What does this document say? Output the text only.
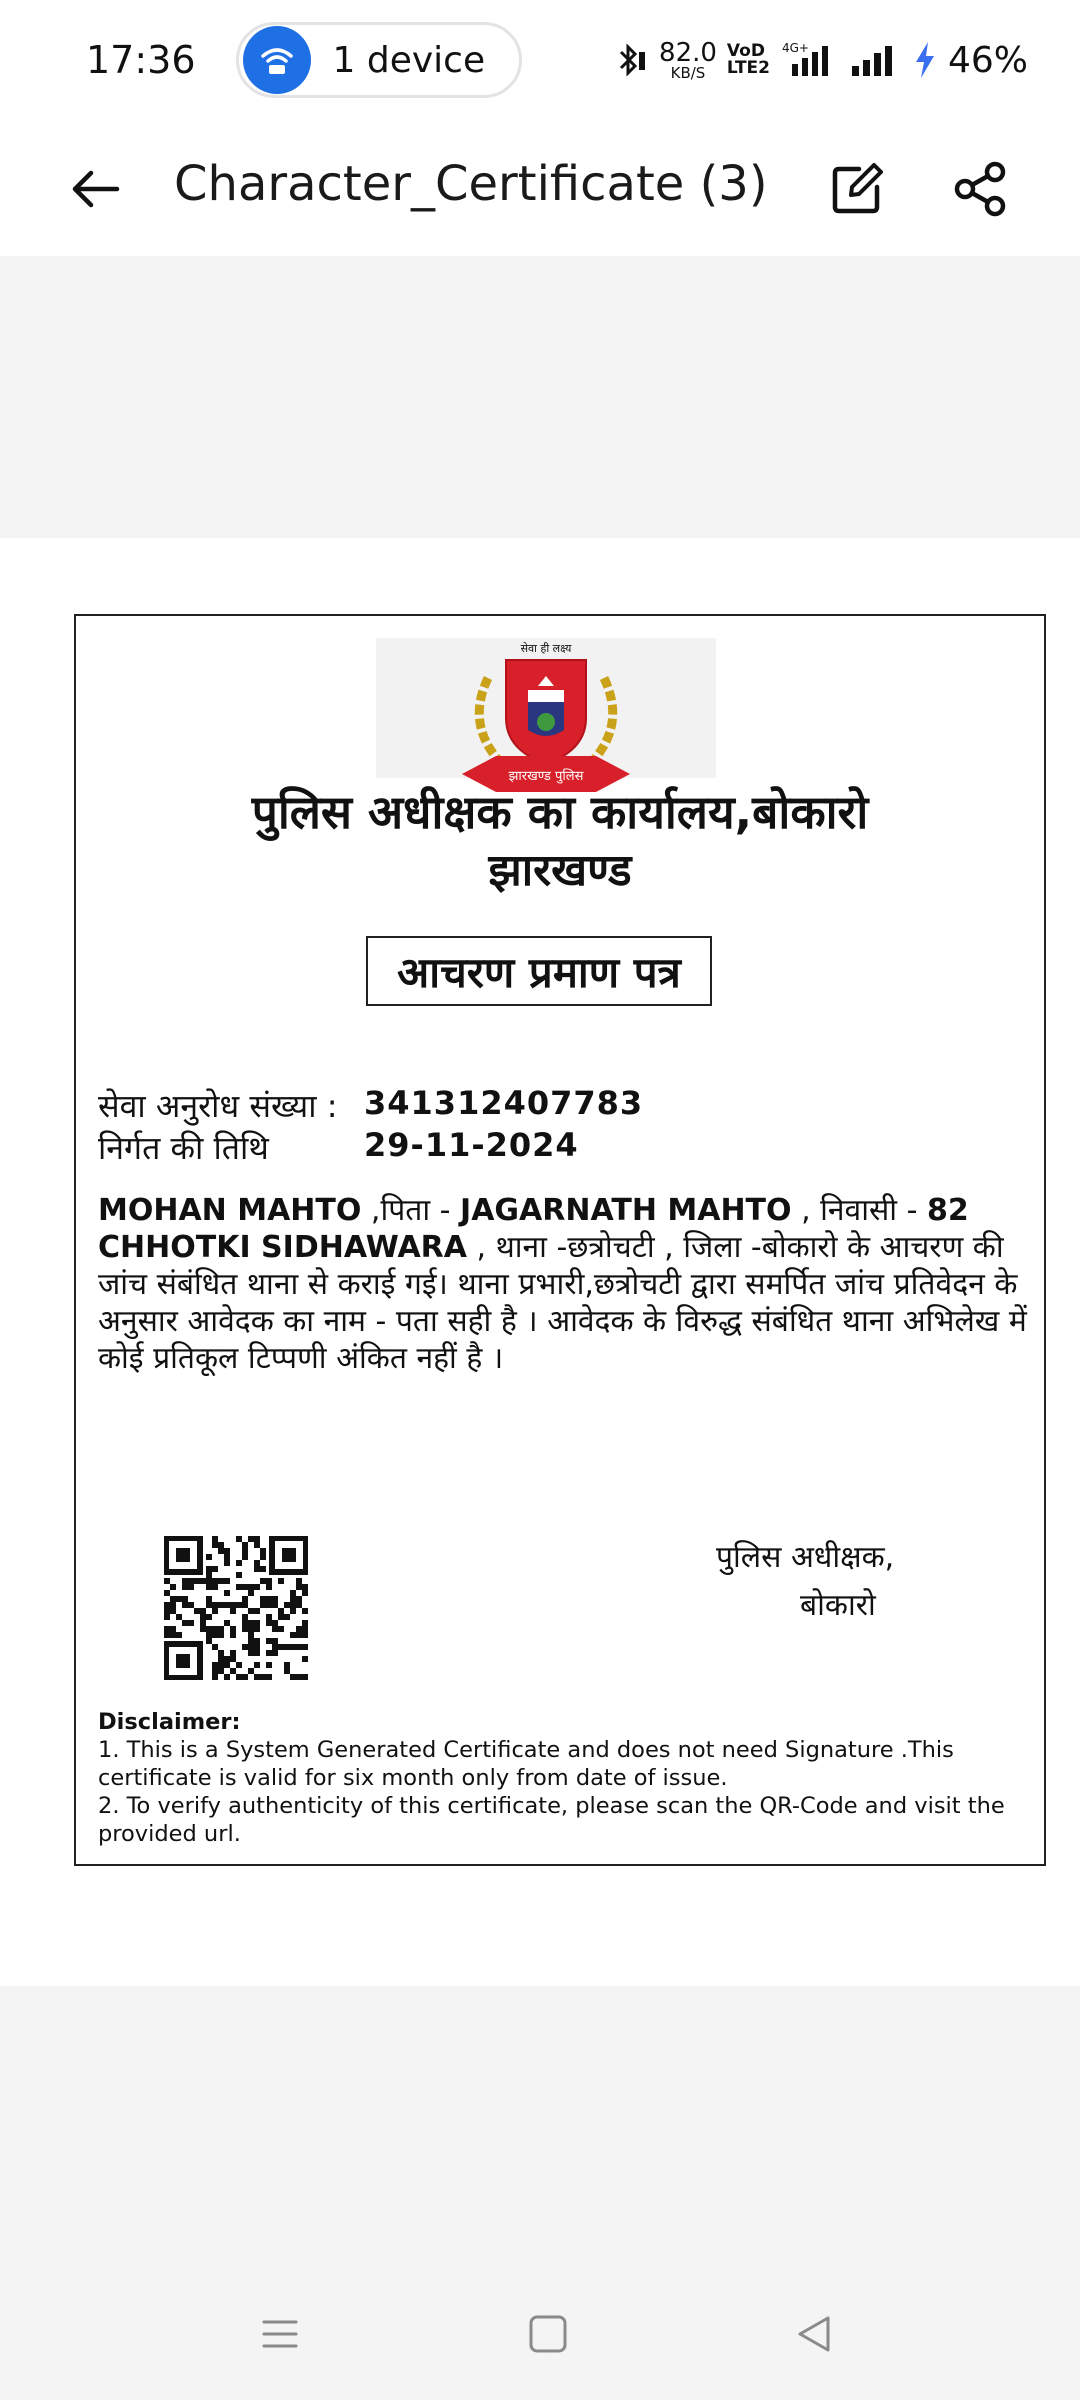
17:36	1 device	82.0
KB/S
VoD
LTE2
4G+	46%
Character_Certificate (3)
सेवा ही लक्ष्य
झारखण्ड पुलिस
पुलिस अधीक्षक का कार्यालय,बोकारो
झारखण्ड
आचरण प्रमाण पत्र
सेवा अनुरोध संख्या : 341312407783
निर्गत की तिथि	29-11-2024
MOHAN MAHTO ,पिता - JAGARNATH MAHTO , निवासी - 82 CHHOTKI SIDHAWARA , थाना -छत्रोचटी , जिला -बोकारो के आचरण की जांच संबंधित थाना से कराई गई। थाना प्रभारी,छत्रोचटी द्वारा समर्पित जांच प्रतिवेदन के अनुसार आवेदक का नाम - पता सही है । आवेदक के विरुद्ध संबंधित थाना अभिलेख में कोई प्रतिकूल टिप्पणी अंकित नहीं है ।
पुलिस अधीक्षक,
बोकारो
Disclaimer:
1. This is a System Generated Certificate and does not need Signature .This certificate is valid for six month only from date of issue.
2. To verify authenticity of this certificate, please scan the QR-Code and visit the provided url.
